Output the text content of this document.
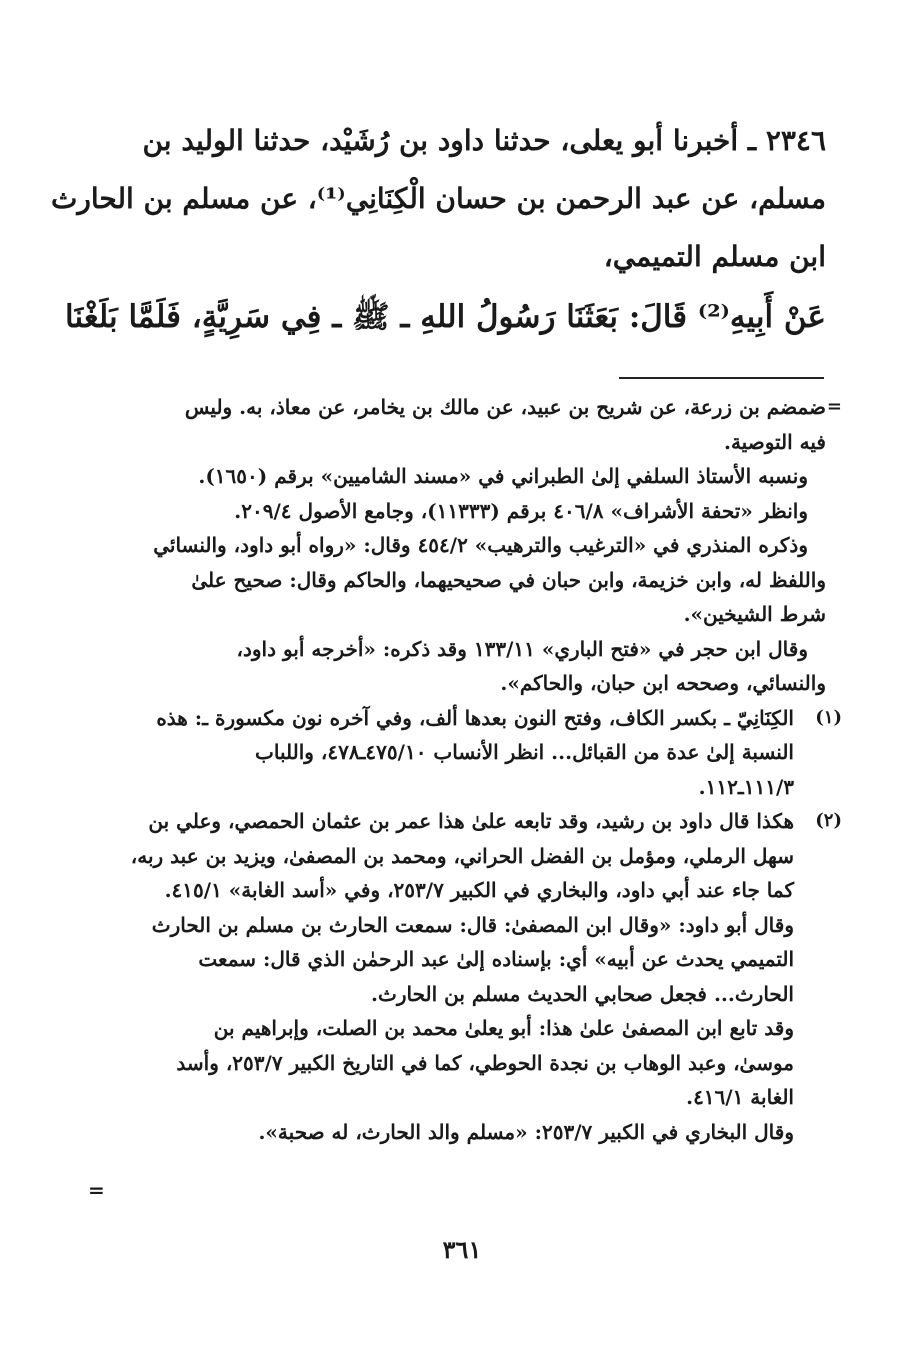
٢٣٤٦ ـ أخبرنا أبو يعلى، حدثنا داود بن رُشَيْد، حدثنا الوليد بن
مسلم، عن عبد الرحمن بن حسان الْكِنَانِي⁽¹⁾، عن مسلم بن الحارث
ابن مسلم التميمي،
عَنْ أَبِيهِ⁽²⁾ قَالَ: بَعَثَنَا رَسُولُ اللهِ ـ ﷺ ـ فِي سَرِيَّةٍ، فَلَمَّا بَلَغْنَا
=
ضمضم بن زرعة، عن شريح بن عبيد، عن مالك بن يخامر، عن معاذ، به. وليس
فيه التوصية.
ونسبه الأستاذ السلفي إلىٰ الطبراني في «مسند الشاميين» برقم (١٦٥٠).
وانظر «تحفة الأشراف» ٤٠٦/٨ برقم (١١٣٣٣)، وجامع الأصول ٢٠٩/٤.
وذكره المنذري في «الترغيب والترهيب» ٤٥٤/٢ وقال: «رواه أبو داود، والنسائي
واللفظ له، وابن خزيمة، وابن حبان في صحيحيهما، والحاكم وقال: صحيح علىٰ
شرط الشيخين».
وقال ابن حجر في «فتح الباري» ١٣٣/١١ وقد ذكره: «أخرجه أبو داود،
والنسائي، وصححه ابن حبان، والحاكم».
(١)
الكِنَانِيّ ـ بكسر الكاف، وفتح النون بعدها ألف، وفي آخره نون مكسورة ـ: هذه
النسبة إلىٰ عدة من القبائل... انظر الأنساب ٤٧٥/١٠ـ٤٧٨، واللباب
١١١/٣ـ١١٢.
(٢)
هكذا قال داود بن رشيد، وقد تابعه علىٰ هذا عمر بن عثمان الحمصي، وعلي بن
سهل الرملي، ومؤمل بن الفضل الحراني، ومحمد بن المصفىٰ، ويزيد بن عبد ربه،
كما جاء عند أبي داود، والبخاري في الكبير ٢٥٣/٧، وفي «أسد الغابة» ٤١٥/١.
وقال أبو داود: «وقال ابن المصفىٰ: قال: سمعت الحارث بن مسلم بن الحارث
التميمي يحدث عن أبيه» أي: بإسناده إلىٰ عبد الرحمٰن الذي قال: سمعت
الحارث... فجعل صحابي الحديث مسلم بن الحارث.
وقد تابع ابن المصفىٰ علىٰ هذا: أبو يعلىٰ محمد بن الصلت، وإبراهيم بن
موسىٰ، وعبد الوهاب بن نجدة الحوطي، كما في التاريخ الكبير ٢٥٣/٧، وأسد
الغابة ٤١٦/١.
وقال البخاري في الكبير ٢٥٣/٧: «مسلم والد الحارث، له صحبة».
=
٣٦١
